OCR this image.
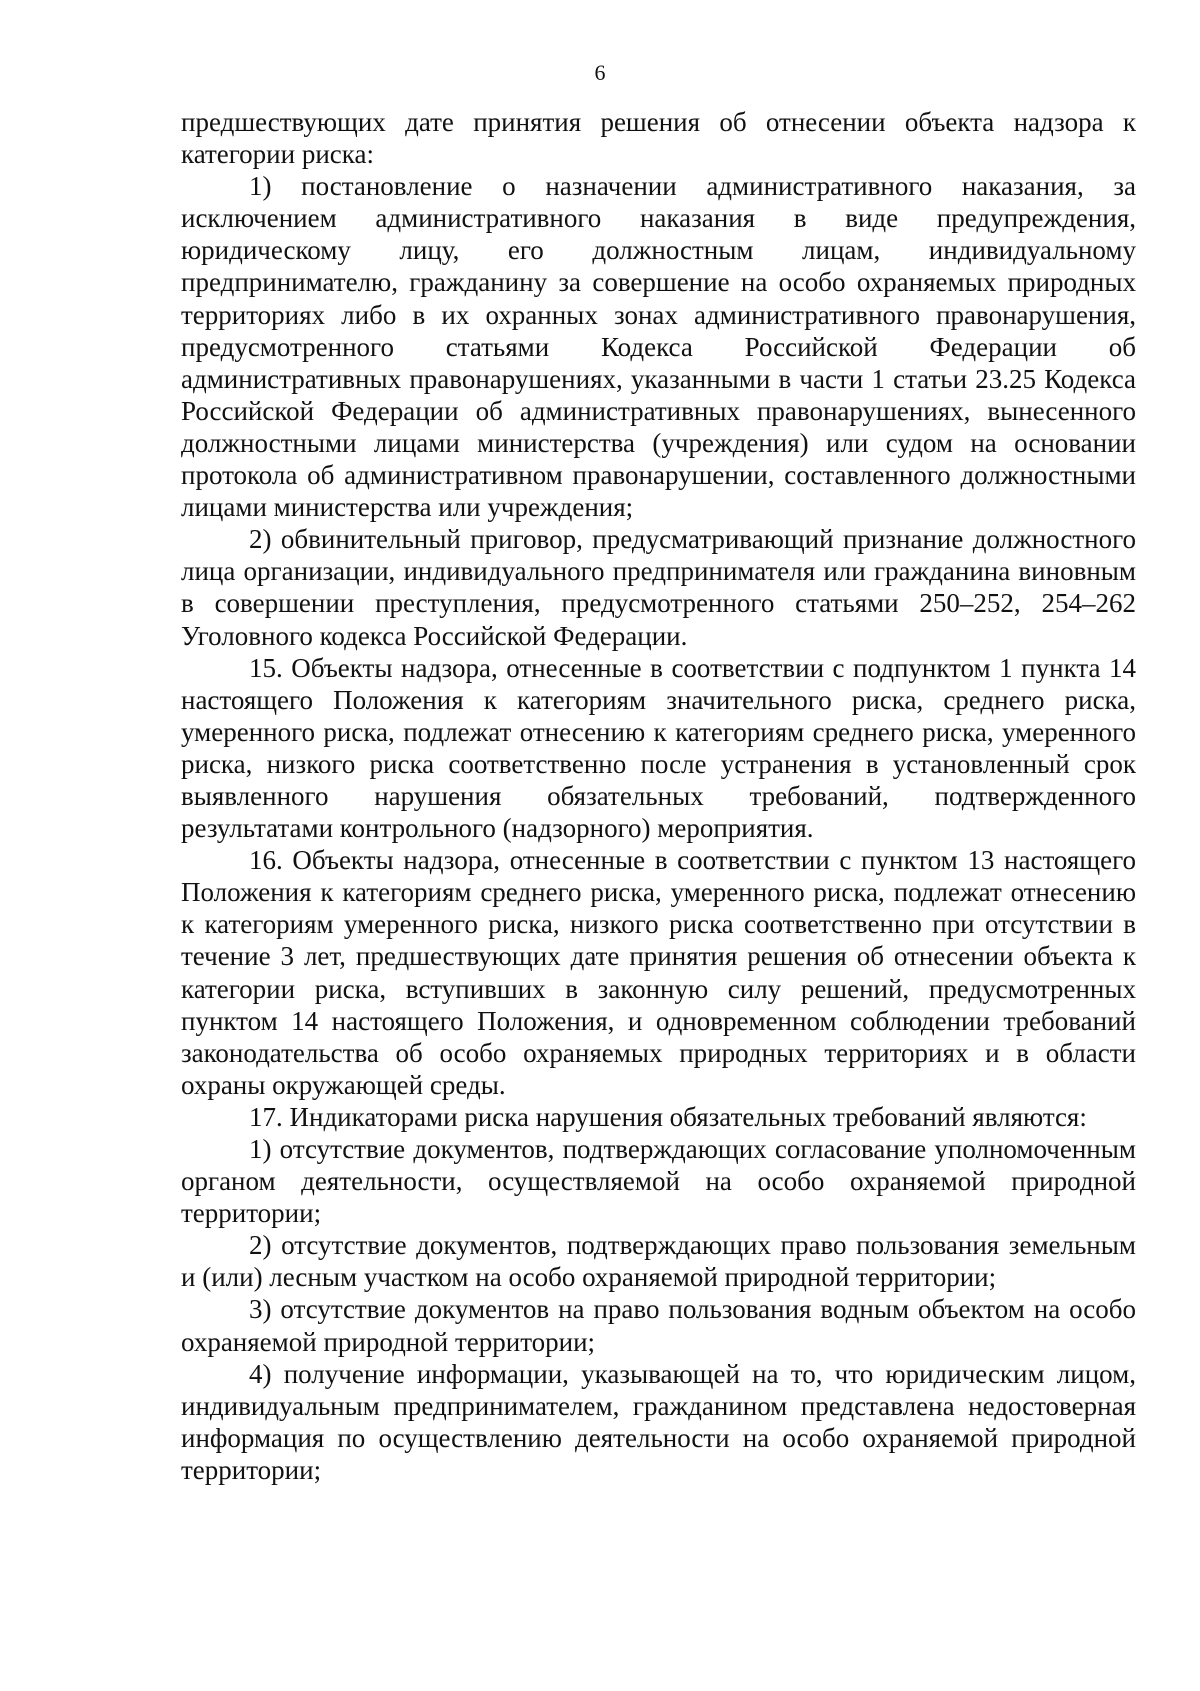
6

предшествующих дате принятия решения об отнесении объекта надзора к категории риска:

1) постановление о назначении административного наказания, за исключением административного наказания в виде предупреждения, юридическому лицу, его должностным лицам, индивидуальному предпринимателю, гражданину за совершение на особо охраняемых природных территориях либо в их охранных зонах административного правонарушения, предусмотренного статьями Кодекса Российской Федерации об административных правонарушениях, указанными в части 1 статьи 23.25 Кодекса Российской Федерации об административных правонарушениях, вынесенного должностными лицами министерства (учреждения) или судом на основании протокола об административном правонарушении, составленного должностными лицами министерства или учреждения;

2) обвинительный приговор, предусматривающий признание должностного лица организации, индивидуального предпринимателя или гражданина виновным в совершении преступления, предусмотренного статьями 250–252, 254–262 Уголовного кодекса Российской Федерации.

15. Объекты надзора, отнесенные в соответствии с подпунктом 1 пункта 14 настоящего Положения к категориям значительного риска, среднего риска, умеренного риска, подлежат отнесению к категориям среднего риска, умеренного риска, низкого риска соответственно после устранения в установленный срок выявленного нарушения обязательных требований, подтвержденного результатами контрольного (надзорного) мероприятия.

16. Объекты надзора, отнесенные в соответствии с пунктом 13 настоящего Положения к категориям среднего риска, умеренного риска, подлежат отнесению к категориям умеренного риска, низкого риска соответственно при отсутствии в течение 3 лет, предшествующих дате принятия решения об отнесении объекта к категории риска, вступивших в законную силу решений, предусмотренных пунктом 14 настоящего Положения, и одновременном соблюдении требований законодательства об особо охраняемых природных территориях и в области охраны окружающей среды.

17. Индикаторами риска нарушения обязательных требований являются:

1) отсутствие документов, подтверждающих согласование уполномоченным органом деятельности, осуществляемой на особо охраняемой природной территории;

2) отсутствие документов, подтверждающих право пользования земельным и (или) лесным участком на особо охраняемой природной территории;

3) отсутствие документов на право пользования водным объектом на особо охраняемой природной территории;

4) получение информации, указывающей на то, что юридическим лицом, индивидуальным предпринимателем, гражданином представлена недостоверная информация по осуществлению деятельности на особо охраняемой природной территории;
